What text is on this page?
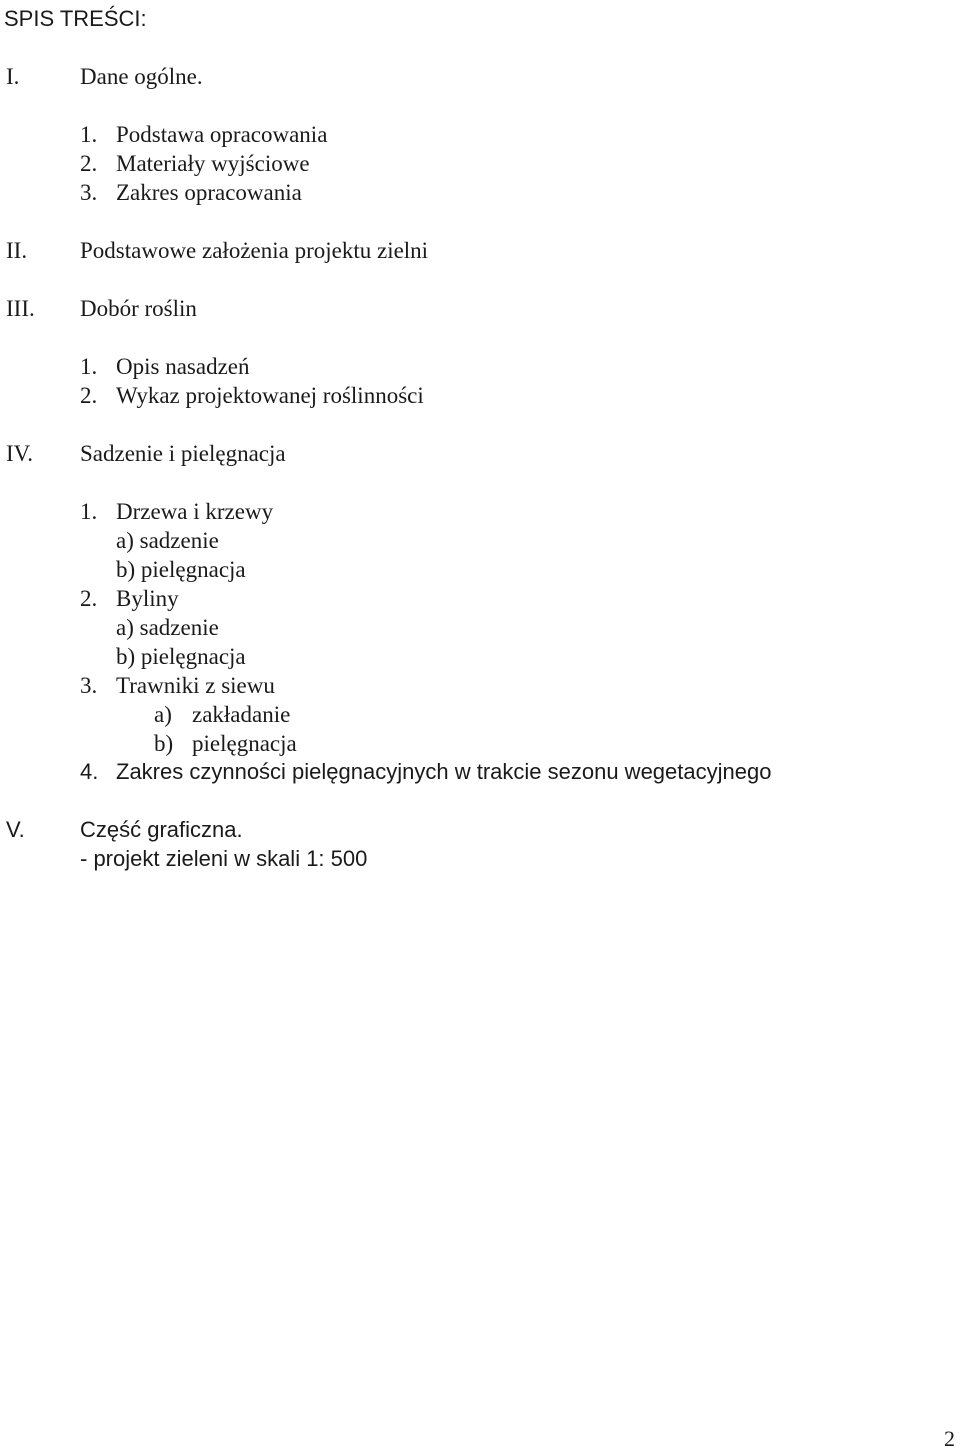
SPIS TREŚCI:
I.	Dane ogólne.
1. Podstawa opracowania
2. Materiały wyjściowe
3. Zakres opracowania
II. Podstawowe założenia projektu zielni
III. Dobór roślin
1. Opis nasadzeń
2. Wykaz projektowanej roślinności
IV. Sadzenie i pielęgnacja
1. Drzewa i krzewy
a) sadzenie
b) pielęgnacja
2. Byliny
a) sadzenie
b) pielęgnacja
3. Trawniki z siewu
a) zakładanie
b) pielęgnacja
4. Zakres czynności pielęgnacyjnych w trakcie sezonu wegetacyjnego
V.	Część graficzna.
- projekt zieleni w skali 1: 500
2
